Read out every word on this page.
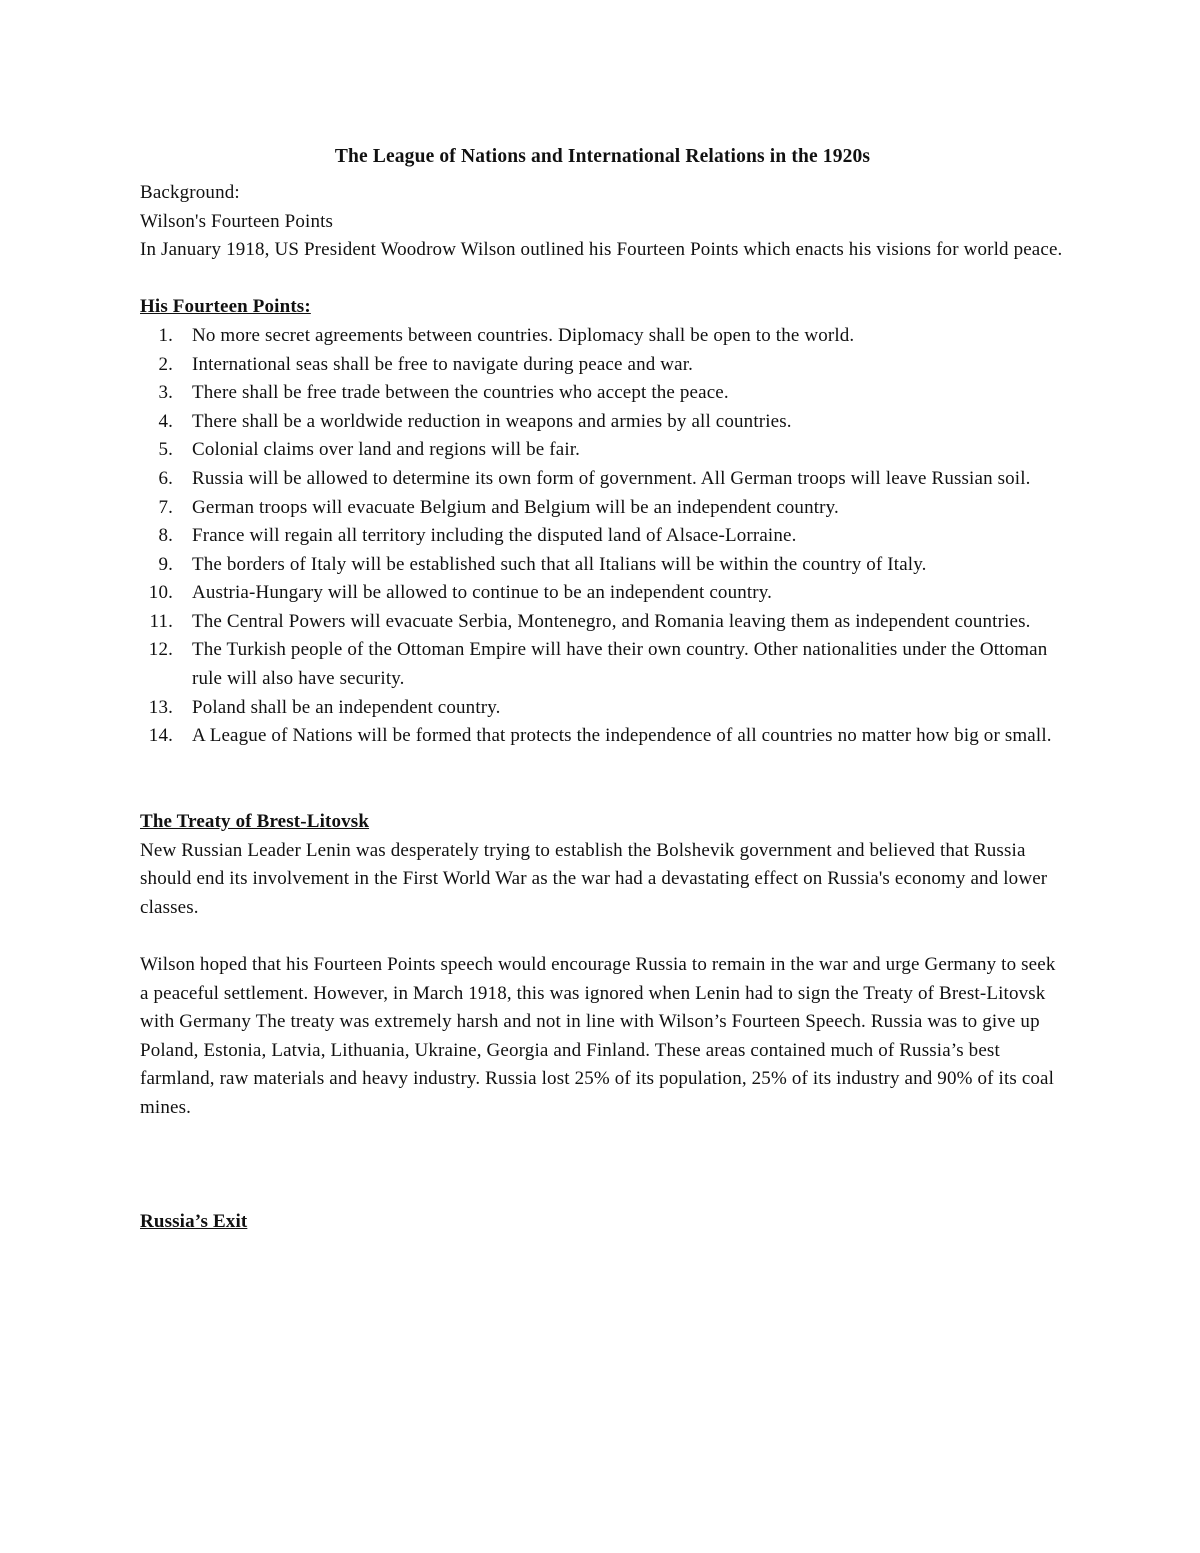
The League of Nations and International Relations in the 1920s

Background:

Wilson's Fourteen Points

In January 1918, US President Woodrow Wilson outlined his Fourteen Points which enacts his visions for world peace.

His Fourteen Points:

1.	No more secret agreements between countries. Diplomacy shall be open to the world.
2.	International seas shall be free to navigate during peace and war.
3.	There shall be free trade between the countries who accept the peace.
4.	There shall be a worldwide reduction in weapons and armies by all countries.
5.	Colonial claims over land and regions will be fair.
6.	Russia will be allowed to determine its own form of government. All German troops will leave Russian soil.
7.	German troops will evacuate Belgium and Belgium will be an independent country.
8.	France will regain all territory including the disputed land of Alsace-Lorraine.
9.	The borders of Italy will be established such that all Italians will be within the country of Italy.
10.	Austria-Hungary will be allowed to continue to be an independent country.
11.	The Central Powers will evacuate Serbia, Montenegro, and Romania leaving them as independent countries.
12.	The Turkish people of the Ottoman Empire will have their own country. Other nationalities under the Ottoman rule will also have security.
13.	Poland shall be an independent country.
14.	A League of Nations will be formed that protects the independence of all countries no matter how big or small.

The Treaty of Brest-Litovsk

New Russian Leader Lenin was desperately trying to establish the Bolshevik government and believed that Russia should end its involvement in the First World War as the war had a devastating effect on Russia's economy and lower classes.

Wilson hoped that his Fourteen Points speech would encourage Russia to remain in the war and urge Germany to seek a peaceful settlement. However, in March 1918, this was ignored when Lenin had to sign the Treaty of Brest-Litovsk with Germany The treaty was extremely harsh and not in line with Wilson’s Fourteen Speech. Russia was to give up Poland, Estonia, Latvia, Lithuania, Ukraine, Georgia and Finland. These areas contained much of Russia’s best farmland, raw materials and heavy industry. Russia lost 25% of its population, 25% of its industry and 90% of its coal mines.

Russia’s Exit
